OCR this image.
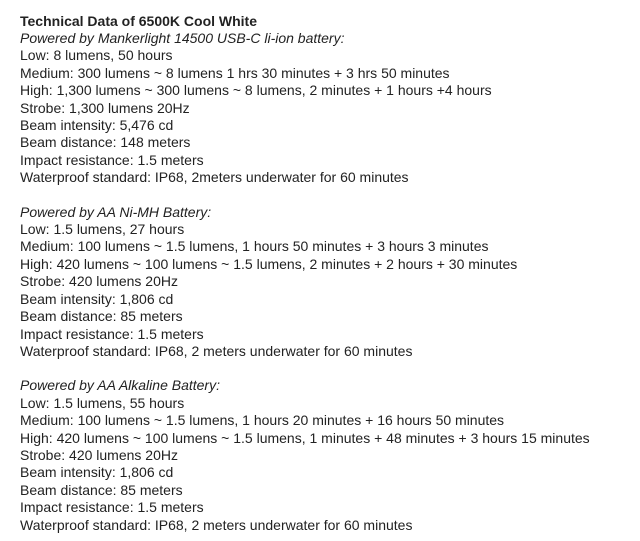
Technical Data of 6500K Cool White

Powered by Mankerlight 14500 USB-C li-ion battery:

Low: 8 lumens, 50 hours

Medium: 300 lumens ~ 8 lumens 1 hrs 30 minutes + 3 hrs 50 minutes

High: 1,300 lumens ~ 300 lumens ~ 8 lumens, 2 minutes + 1 hours +4 hours

Strobe: 1,300 lumens 20Hz

Beam intensity: 5,476 cd

Beam distance: 148 meters

Impact resistance: 1.5 meters

Waterproof standard: IP68, 2meters underwater for 60 minutes

Powered by AA Ni-MH Battery:

Low: 1.5 lumens, 27 hours

Medium: 100 lumens ~ 1.5 lumens, 1 hours 50 minutes + 3 hours 3 minutes

High: 420 lumens ~ 100 lumens ~ 1.5 lumens, 2 minutes + 2 hours + 30 minutes

Strobe: 420 lumens 20Hz

Beam intensity: 1,806 cd

Beam distance: 85 meters

Impact resistance: 1.5 meters

Waterproof standard: IP68, 2 meters underwater for 60 minutes

Powered by AA Alkaline Battery:

Low: 1.5 lumens, 55 hours

Medium: 100 lumens ~ 1.5 lumens, 1 hours 20 minutes + 16 hours 50 minutes

High: 420 lumens ~ 100 lumens ~ 1.5 lumens, 1 minutes + 48 minutes + 3 hours 15 minutes

Strobe: 420 lumens 20Hz

Beam intensity: 1,806 cd

Beam distance: 85 meters

Impact resistance: 1.5 meters

Waterproof standard: IP68, 2 meters underwater for 60 minutes
